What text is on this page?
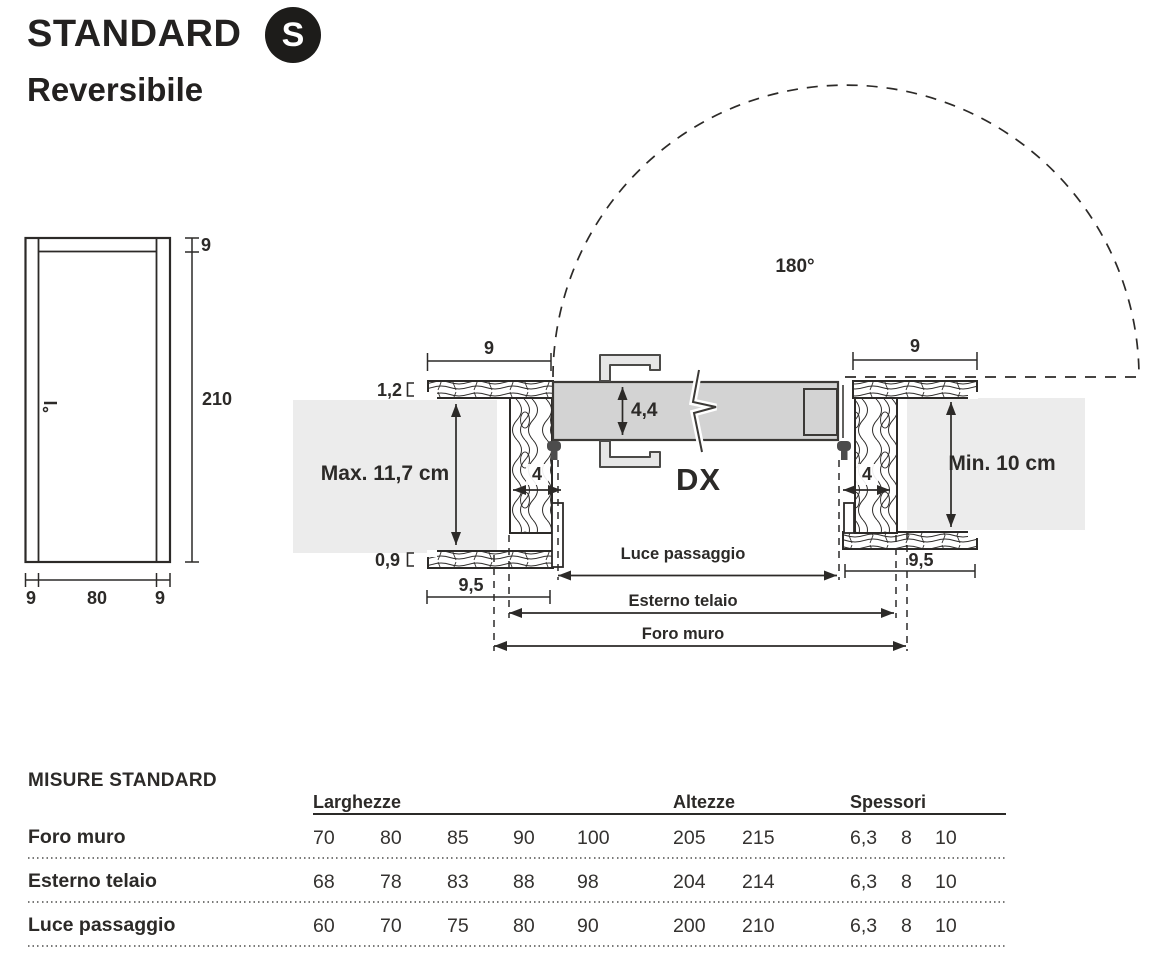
STANDARD S
Reversibile
9
210
9	80	9
180°
9	9
1,2
0,9
4,4
9,5
9,5
4	4
Max. 11,7 cm	Min. 10 cm
DX
Luce passaggio
Esterno telaio
Foro muro
MISURE STANDARD
Larghezze	Altezze	Spessori
Foro muro	70 80 85 90 100	205 215	6,3 8 10
Esterno telaio	68 78 83 88 98	204 214	6,3 8 10
Luce passaggio	60 70 75 80 90	200 210	6,3 8 10
